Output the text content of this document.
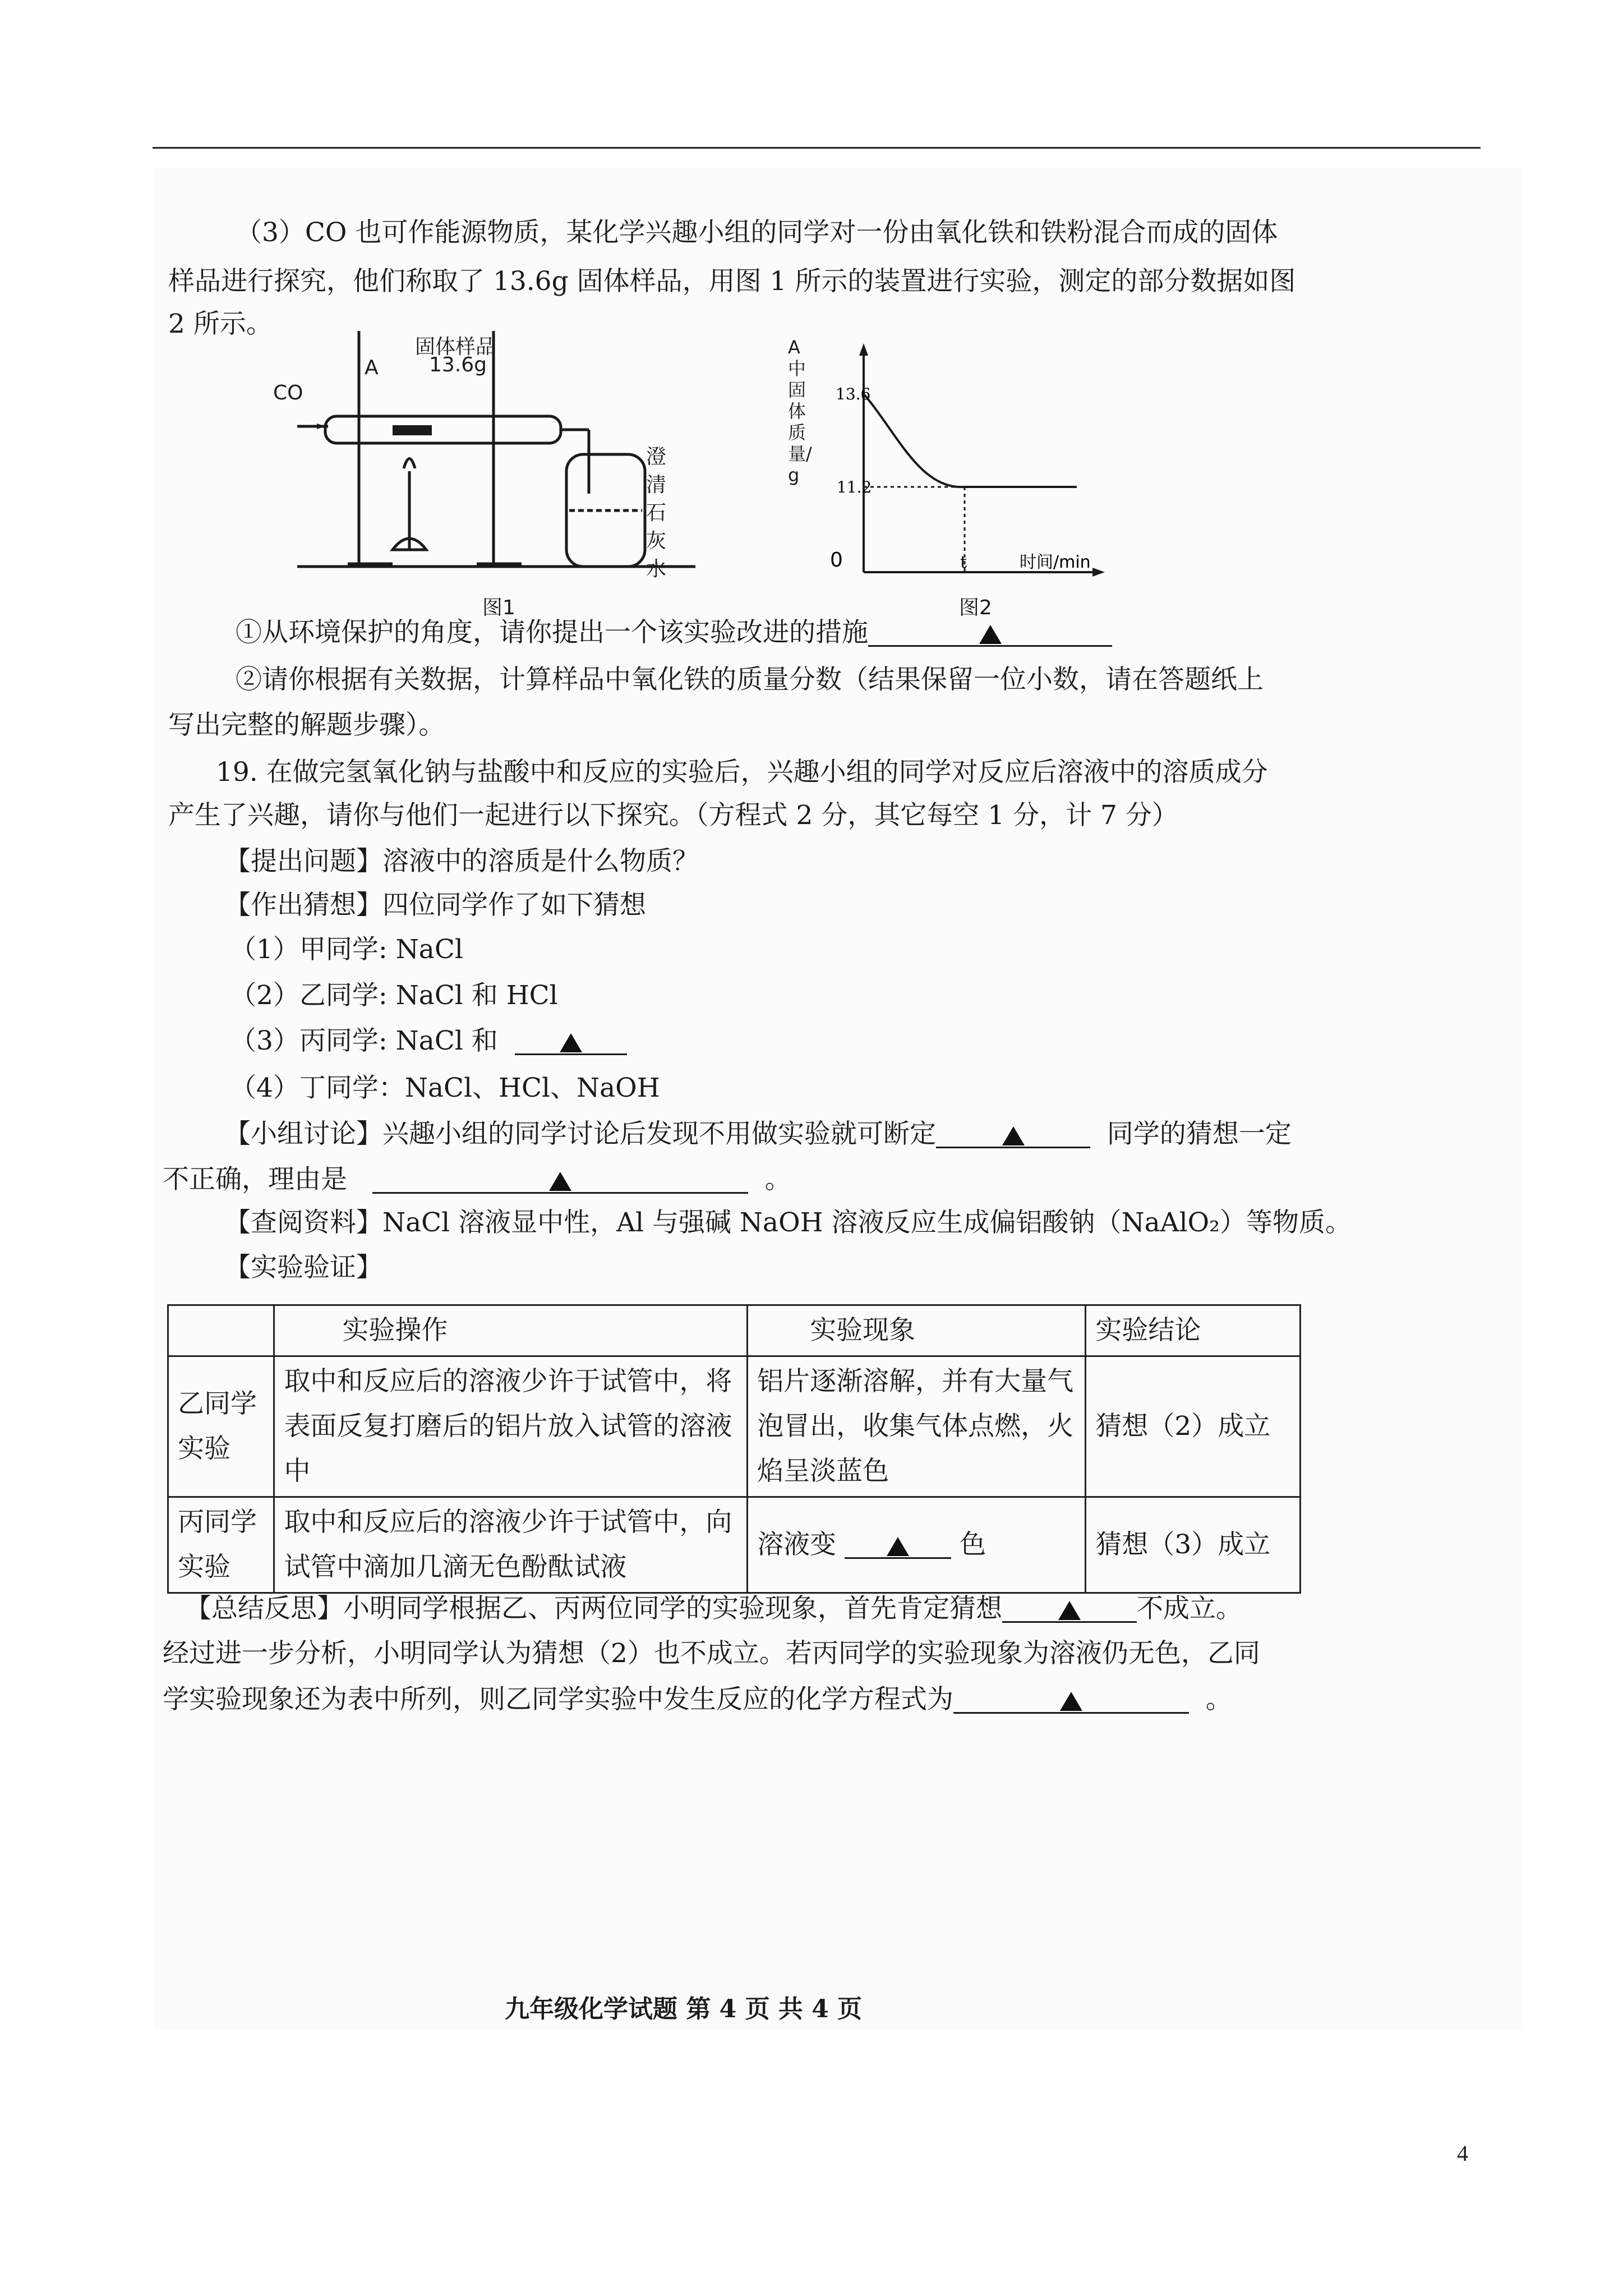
（3）CO 也可作能源物质，某化学兴趣小组的同学对一份由氧化铁和铁粉混合而成的固体
样品进行探究，他们称取了 13.6g 固体样品，用图 1 所示的装置进行实验，测定的部分数据如图
2 所示。
固体样品
13.6g
A
CO
澄清石灰水
图1
A中固体质量/g
13.6
11.2
0	t	时间/min
图2
①从环境保护的角度，请你提出一个该实验改进的措施
②请你根据有关数据，计算样品中氧化铁的质量分数（结果保留一位小数，请在答题纸上
写出完整的解题步骤）。
19. 在做完氢氧化钠与盐酸中和反应的实验后，兴趣小组的同学对反应后溶液中的溶质成分
产生了兴趣，请你与他们一起进行以下探究。（方程式 2 分，其它每空 1 分，计 7 分）
【提出问题】溶液中的溶质是什么物质？
【作出猜想】四位同学作了如下猜想
（1）甲同学: NaCl
（2）乙同学: NaCl 和 HCl
（3）丙同学: NaCl 和
（4）丁同学：NaCl、HCl、NaOH
【小组讨论】兴趣小组的同学讨论后发现不用做实验就可断定	同学的猜想一定
不正确，理由是	。
【查阅资料】NaCl 溶液显中性，Al 与强碱 NaOH 溶液反应生成偏铝酸钠（NaAlO₂）等物质。
【实验验证】
	实验操作	实验现象	实验结论
乙同学实验	取中和反应后的溶液少许于试管中，将表面反复打磨后的铝片放入试管的溶液中	铝片逐渐溶解，并有大量气泡冒出，收集气体点燃，火焰呈淡蓝色	猜想（2）成立
丙同学实验	取中和反应后的溶液少许于试管中，向试管中滴加几滴无色酚酞试液	溶液变 色	猜想（3）成立
【总结反思】小明同学根据乙、丙两位同学的实验现象，首先肯定猜想	不成立。
经过进一步分析，小明同学认为猜想（2）也不成立。若丙同学的实验现象为溶液仍无色，乙同
学实验现象还为表中所列，则乙同学实验中发生反应的化学方程式为	。
九年级化学试题 第 4 页 共 4 页
4
